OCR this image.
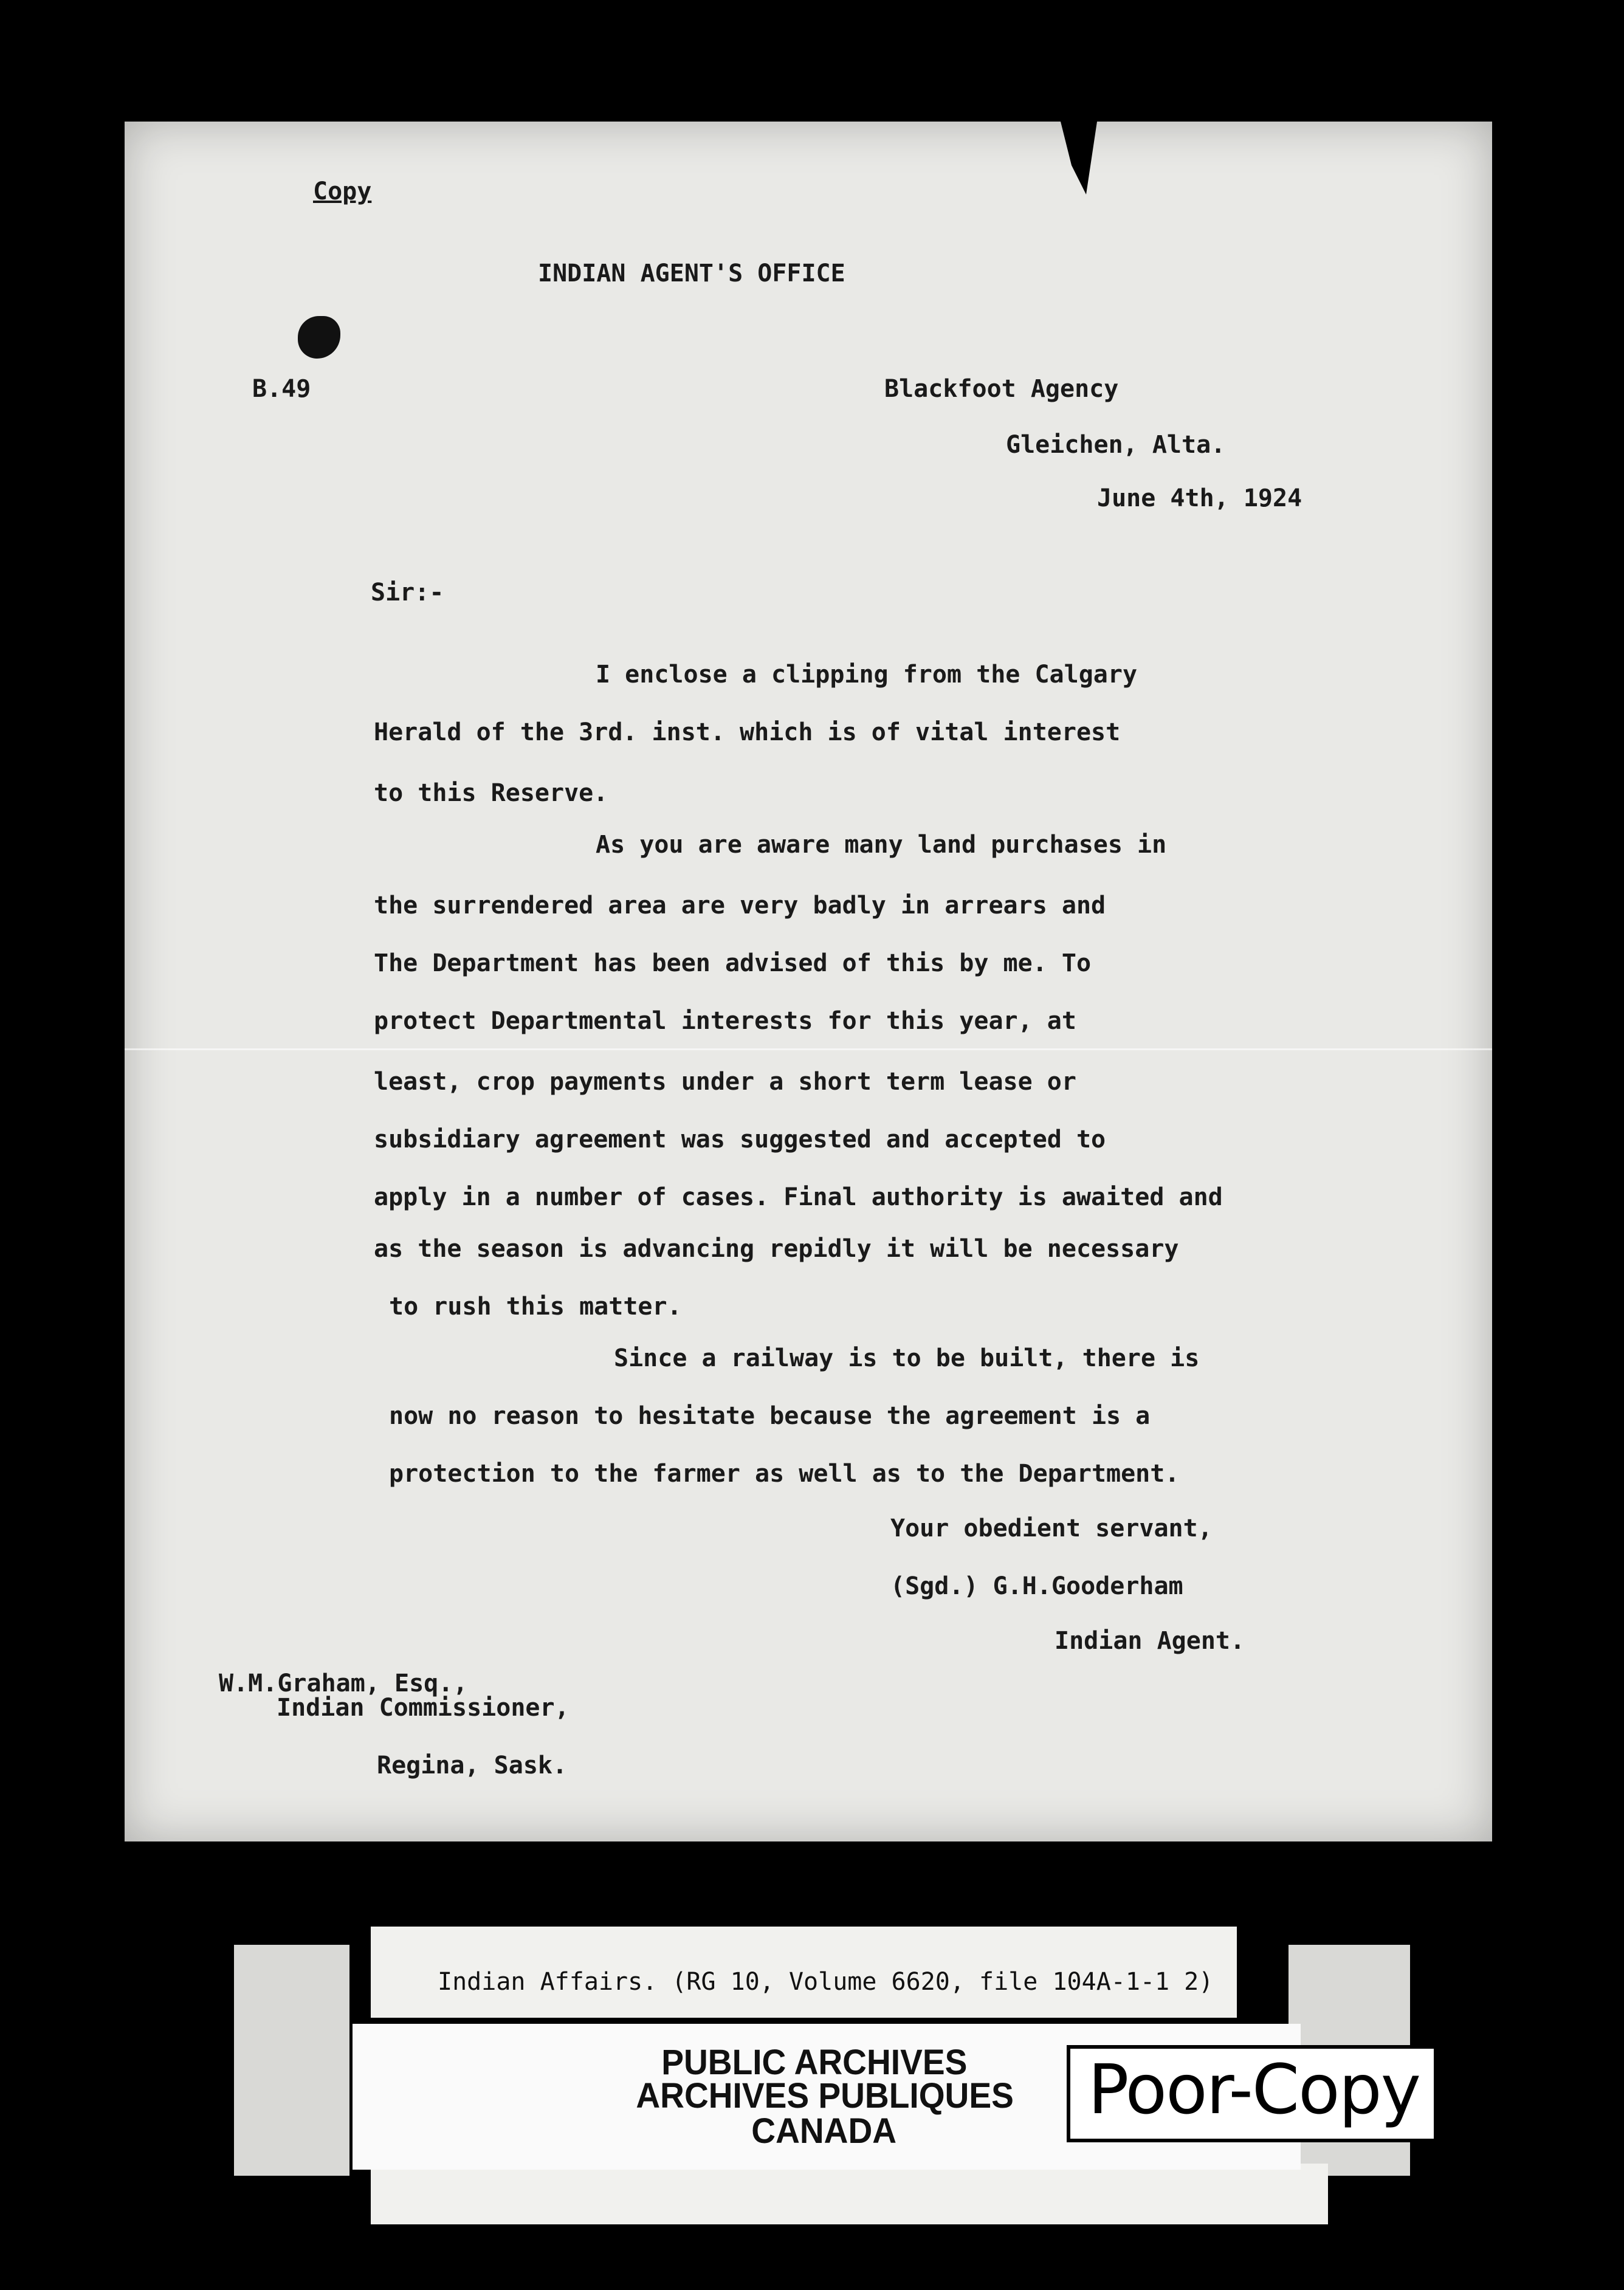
Copy
INDIAN AGENT'S OFFICE
B.49	Blackfoot Agency
Gleichen, Alta.
June 4th, 1924
Sir:-
I enclose a clipping from the Calgary
Herald of the 3rd. inst. which is of vital interest
to this Reserve.
As you are aware many land purchases in
the surrendered area are very badly in arrears and
The Department has been advised of this by me. To
protect Departmental interests for this year, at
least, crop payments under a short term lease or
subsidiary agreement was suggested and accepted to
apply in a number of cases. Final authority is awaited and
as the season is advancing repidly it will be necessary
to rush this matter.
Since a railway is to be built, there is
now no reason to hesitate because the agreement is a
protection to the farmer as well as to the Department.
Your obedient servant,
(Sgd.) G.H.Gooderham
Indian Agent.
W.M.Graham, Esq.,
Indian Commissioner,
Regina, Sask.
Indian Affairs. (RG 10, Volume 6620, file 104A-1-1 2)
PUBLIC ARCHIVES
ARCHIVES PUBLIQUES
CANADA
Poor-Copy
